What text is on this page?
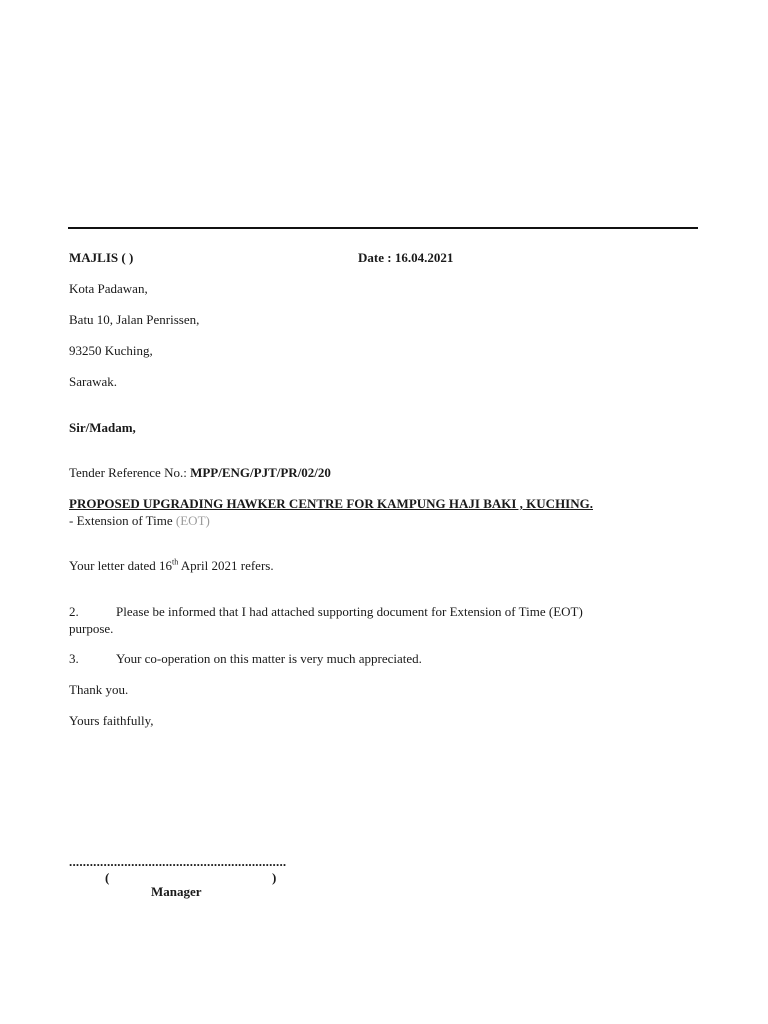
MAJLIS ( )	Date : 16.04.2021
Kota Padawan,
Batu 10, Jalan Penrissen,
93250 Kuching,
Sarawak.
Sir/Madam,
Tender Reference No.: MPP/ENG/PJT/PR/02/20
PROPOSED UPGRADING HAWKER CENTRE FOR KAMPUNG HAJI BAKI , KUCHING.
- Extension of Time (EOT)
Your letter dated 16th April 2021 refers.
2.	Please be informed that I had attached supporting document for Extension of Time (EOT)
purpose.
3.	Your co-operation on this matter is very much appreciated.
Thank you.
Yours faithfully,
...............................................................
(	)
Manager
